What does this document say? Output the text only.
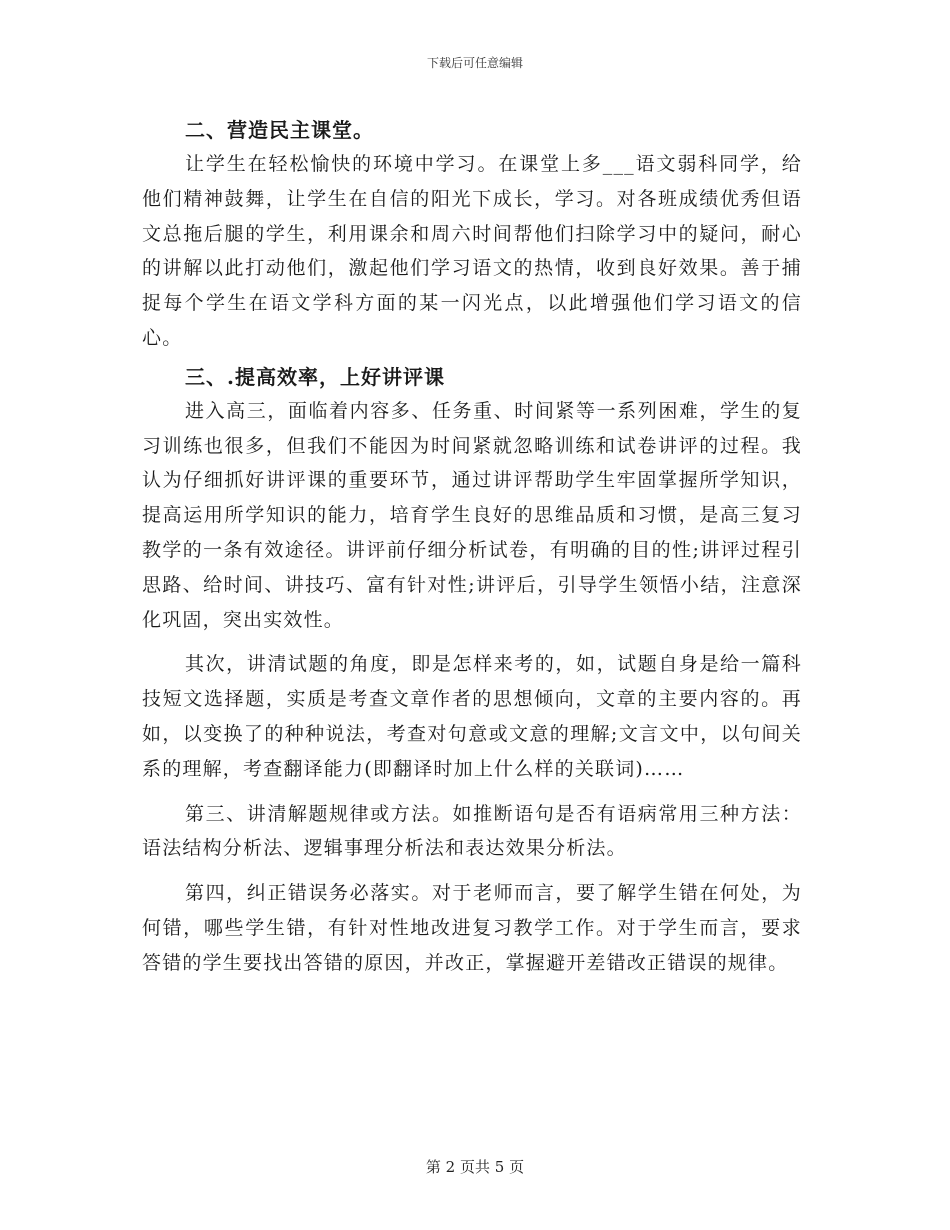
下载后可任意编辑
二、营造民主课堂。

让学生在轻松愉快的环境中学习。在课堂上多___语文弱科同学，给他们精神鼓舞，让学生在自信的阳光下成长，学习。对各班成绩优秀但语文总拖后腿的学生，利用课余和周六时间帮他们扫除学习中的疑问，耐心的讲解以此打动他们，激起他们学习语文的热情，收到良好效果。善于捕捉每个学生在语文学科方面的某一闪光点，以此增强他们学习语文的信心。

三、.提高效率，上好讲评课

进入高三，面临着内容多、任务重、时间紧等一系列困难，学生的复习训练也很多，但我们不能因为时间紧就忽略训练和试卷讲评的过程。我认为仔细抓好讲评课的重要环节，通过讲评帮助学生牢固掌握所学知识，提高运用所学知识的能力，培育学生良好的思维品质和习惯，是高三复习教学的一条有效途径。讲评前仔细分析试卷，有明确的目的性;讲评过程引思路、给时间、讲技巧、富有针对性;讲评后，引导学生领悟小结，注意深化巩固，突出实效性。

其次，讲清试题的角度，即是怎样来考的，如，试题自身是给一篇科技短文选择题，实质是考查文章作者的思想倾向，文章的主要内容的。再如，以变换了的种种说法，考查对句意或文意的理解;文言文中，以句间关系的理解，考查翻译能力(即翻译时加上什么样的关联词)……

第三、讲清解题规律或方法。如推断语句是否有语病常用三种方法：语法结构分析法、逻辑事理分析法和表达效果分析法。

第四，纠正错误务必落实。对于老师而言，要了解学生错在何处，为何错，哪些学生错，有针对性地改进复习教学工作。对于学生而言，要求答错的学生要找出答错的原因，并改正，掌握避开差错改正错误的规律。

第 2 页共 5 页
